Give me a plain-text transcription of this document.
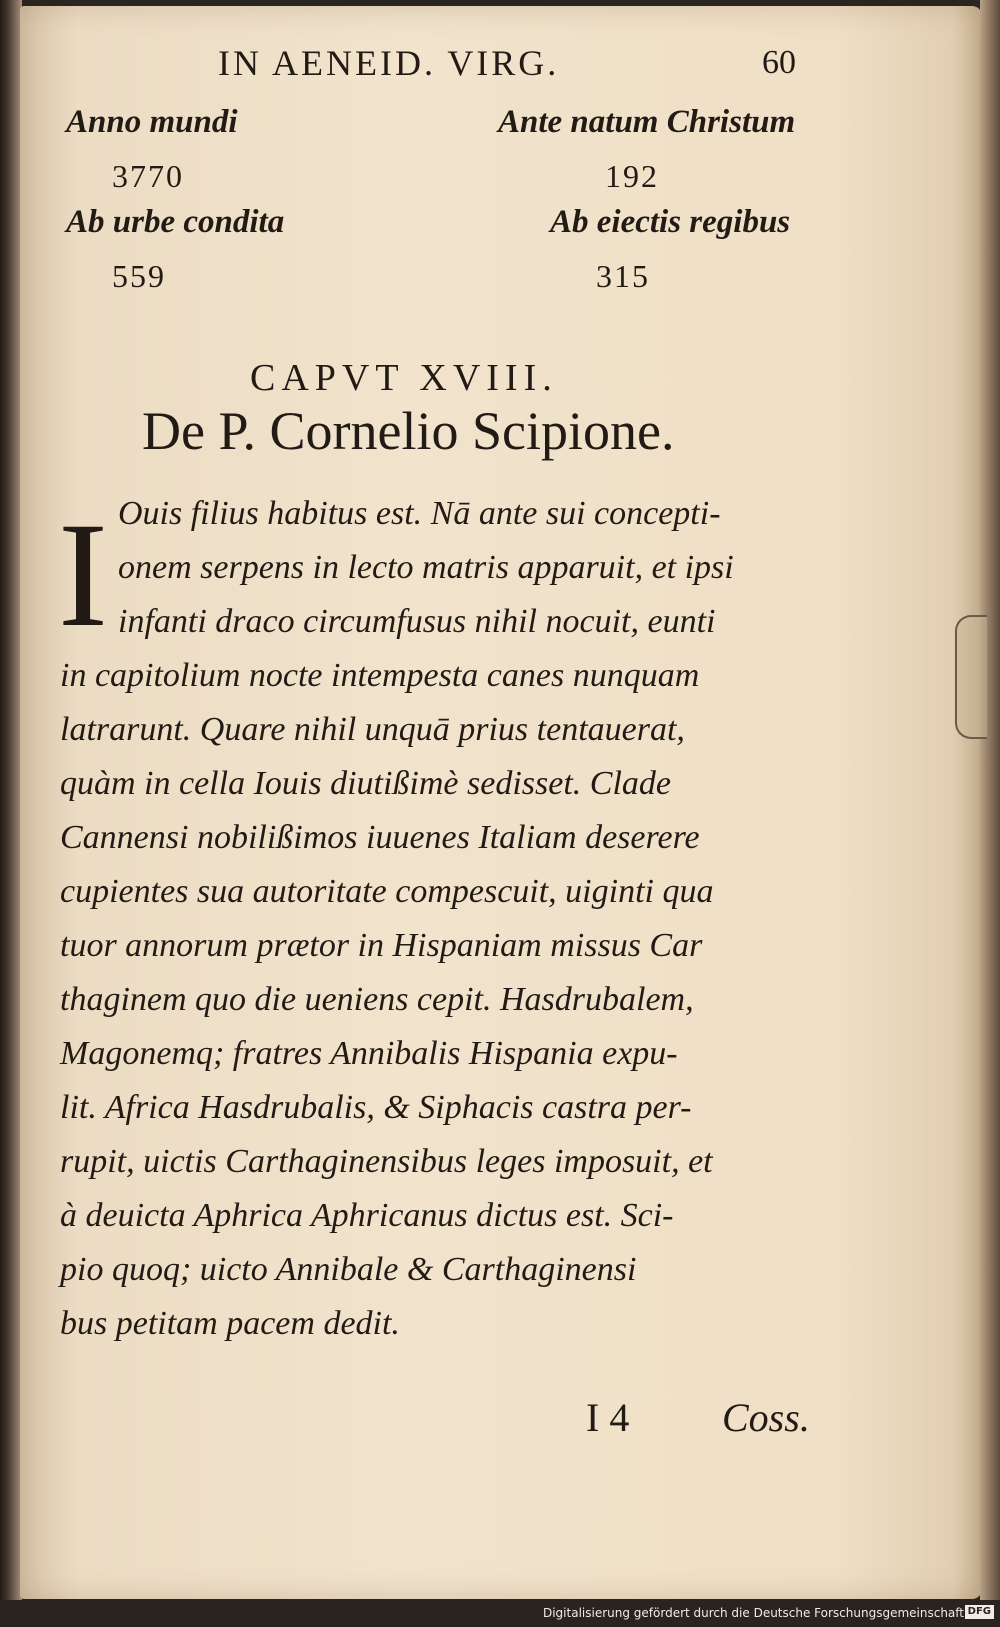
IN AENEID. VIRG.	60
Anno mundi
3770
Ante natum Christum
192
Ab urbe condita
559
Ab eiectis regibus
315
CAPVT XVIII.
De P. Cornelio Scipione.
I Ouis filius habitus est. Nā ante sui concepti-
onem serpens in lecto matris apparuit, et ipsi
infanti draco circumfusus nihil nocuit, eunti
in capitolium nocte intempesta canes nunquam
latrarunt. Quare nihil unquā prius tentauerat,
quàm in cella Iouis diutißimè sedisset. Clade
Cannensi nobilißimos iuuenes Italiam deserere
cupientes sua autoritate compescuit, uiginti qua
tuor annorum prætor in Hispaniam missus Car
thaginem quo die ueniens cepit. Hasdrubalem,
Magonemq; fratres Annibalis Hispania expu-
lit. Africa Hasdrubalis, & Siphacis castra per-
rupit, uictis Carthaginensibus leges imposuit, et
à deuicta Aphrica Aphricanus dictus est. Sci-
pio quoq; uicto Annibale & Carthaginensi
bus petitam pacem dedit.
I 4 Coss.
Digitalisierung gefördert durch die Deutsche Forschungsgemeinschaft DFG
